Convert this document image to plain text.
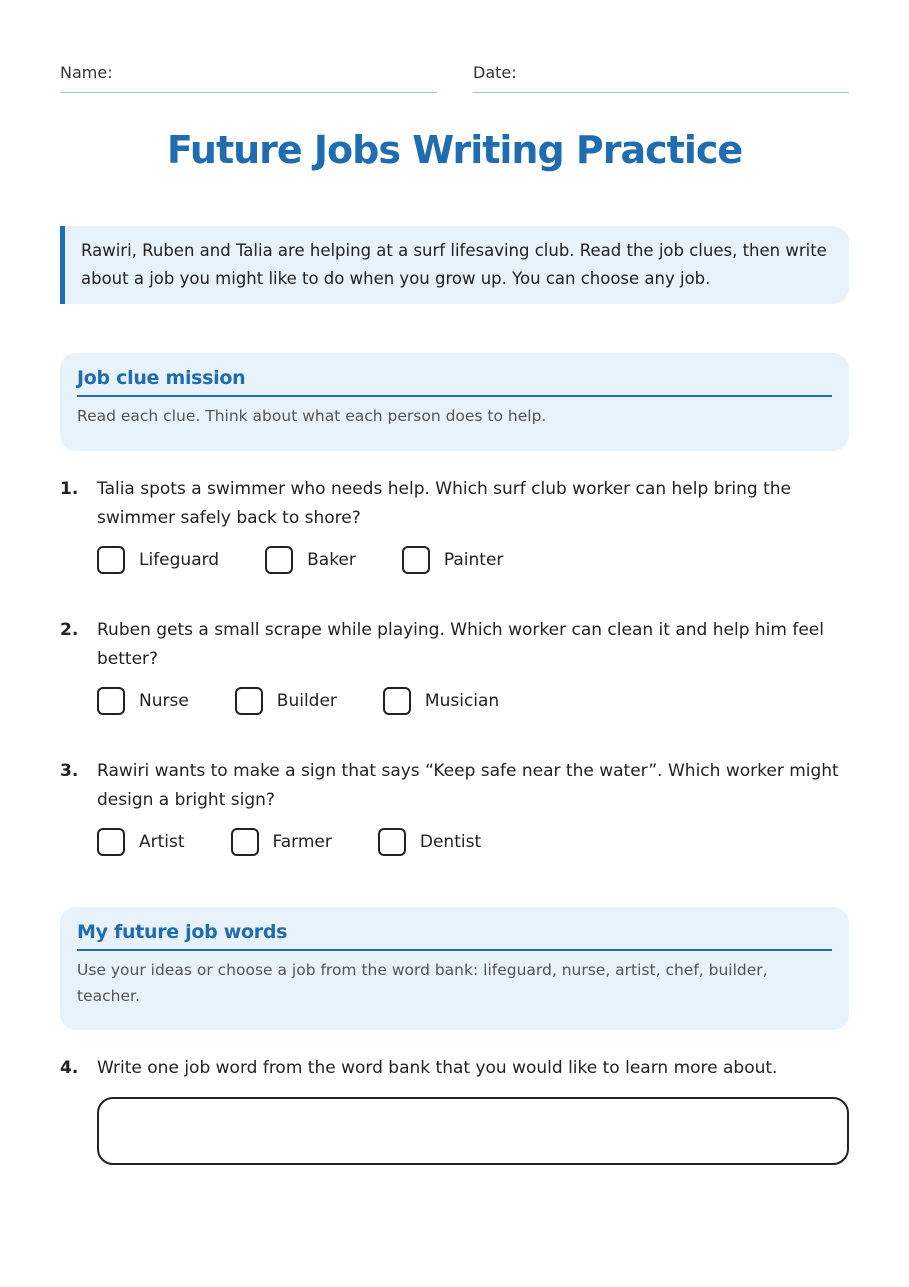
Name:	Date:
Future Jobs Writing Practice
Rawiri, Ruben and Talia are helping at a surf lifesaving club. Read the job clues, then write about a job you might like to do when you grow up. You can choose any job.
Job clue mission

Read each clue. Think about what each person does to help.

1. Talia spots a swimmer who needs help. Which surf club worker can help bring the swimmer safely back to shore?
Lifeguard	Baker	Painter
2. Ruben gets a small scrape while playing. Which worker can clean it and help him feel better?
Nurse	Builder	Musician
3. Rawiri wants to make a sign that says “Keep safe near the water”. Which worker might design a bright sign?
Artist	Farmer	Dentist
My future job words

Use your ideas or choose a job from the word bank: lifeguard, nurse, artist, chef, builder, teacher.

4. Write one job word from the word bank that you would like to learn more about.
